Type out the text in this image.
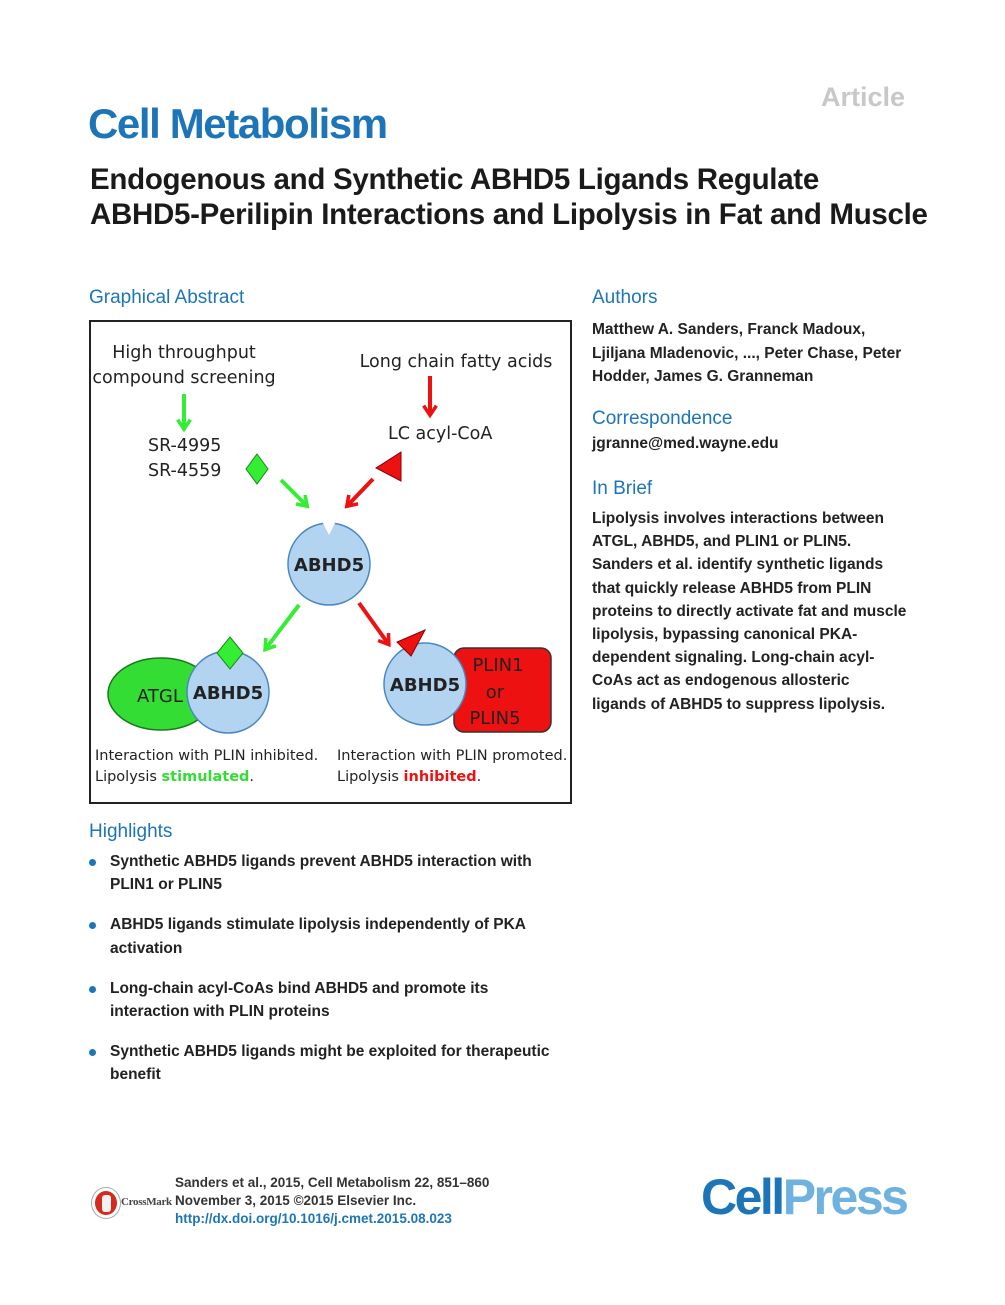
Article
Cell Metabolism
Endogenous and Synthetic ABHD5 Ligands Regulate ABHD5-Perilipin Interactions and Lipolysis in Fat and Muscle
Graphical Abstract
High throughput
compound screening
Long chain fatty acids
SR-4995
SR-4559
LC acyl-CoA
ABHD5
ATGL ABHD5	ABHD5
PLIN1
or
PLIN5
Interaction with PLIN inhibited.
Lipolysis stimulated.
Interaction with PLIN promoted.
Lipolysis inhibited.
Authors
Matthew A. Sanders, Franck Madoux, Ljiljana Mladenovic, ..., Peter Chase, Peter Hodder, James G. Granneman
Correspondence
jgranne@med.wayne.edu
In Brief
Lipolysis involves interactions between ATGL, ABHD5, and PLIN1 or PLIN5. Sanders et al. identify synthetic ligands that quickly release ABHD5 from PLIN proteins to directly activate fat and muscle lipolysis, bypassing canonical PKA-dependent signaling. Long-chain acyl-CoAs act as endogenous allosteric ligands of ABHD5 to suppress lipolysis.
Highlights
Synthetic ABHD5 ligands prevent ABHD5 interaction with PLIN1 or PLIN5
ABHD5 ligands stimulate lipolysis independently of PKA activation
Long-chain acyl-CoAs bind ABHD5 and promote its interaction with PLIN proteins
Synthetic ABHD5 ligands might be exploited for therapeutic benefit
CrossMark
Sanders et al., 2015, Cell Metabolism 22, 851–860
November 3, 2015 ©2015 Elsevier Inc.
http://dx.doi.org/10.1016/j.cmet.2015.08.023	CellPress
